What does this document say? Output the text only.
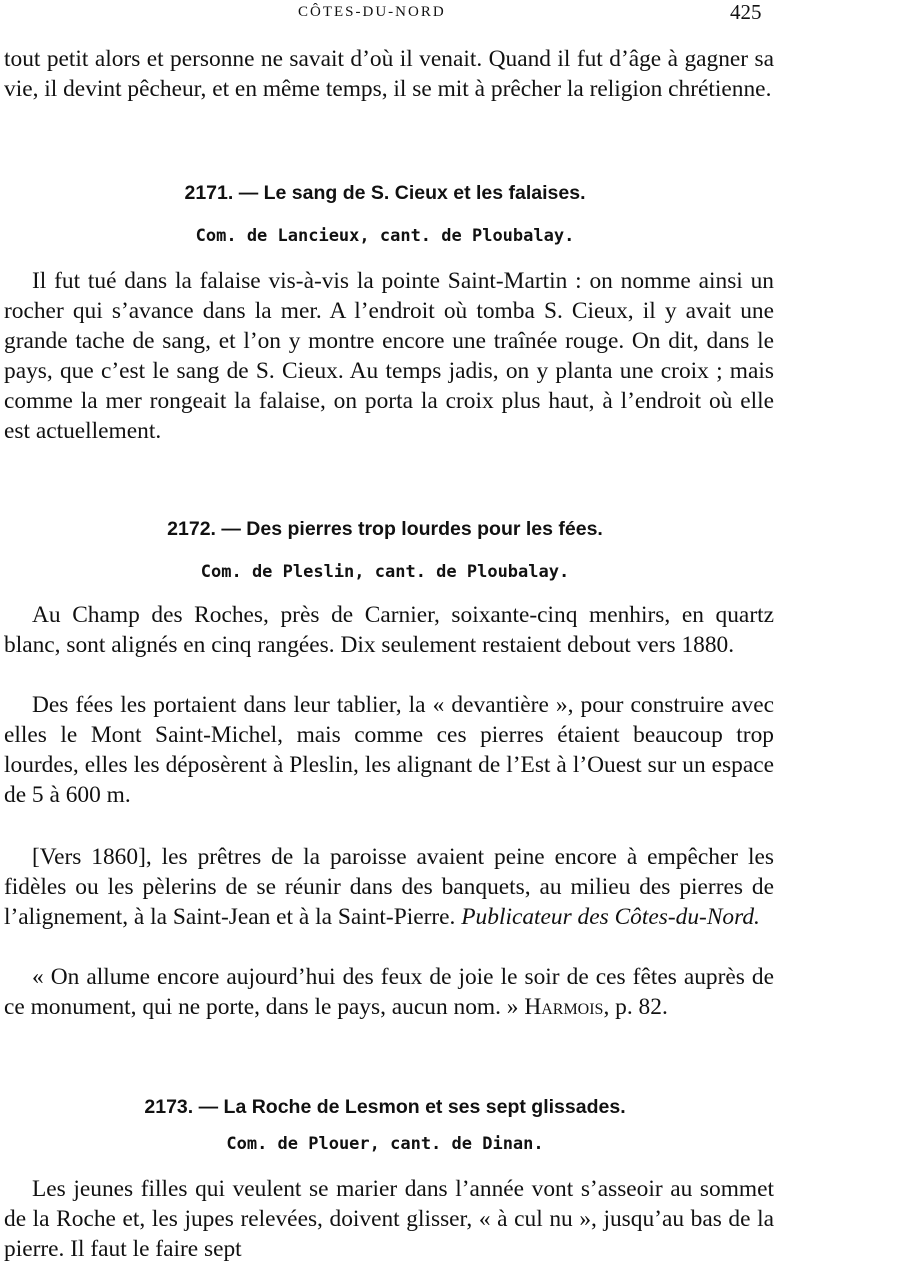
CÔTES-DU-NORD	425

tout petit alors et personne ne savait d’où il venait. Quand il fut d’âge à gagner sa vie, il devint pêcheur, et en même temps, il se mit à prêcher la religion chrétienne.

2171. — Le sang de S. Cieux et les falaises.
Com. de Lancieux, cant. de Ploubalay.

Il fut tué dans la falaise vis-à-vis la pointe Saint-Martin : on nomme ainsi un rocher qui s’avance dans la mer. A l’endroit où tomba S. Cieux, il y avait une grande tache de sang, et l’on y montre encore une traînée rouge. On dit, dans le pays, que c’est le sang de S. Cieux. Au temps jadis, on y planta une croix ; mais comme la mer rongeait la falaise, on porta la croix plus haut, à l’endroit où elle est actuellement.

2172. — Des pierres trop lourdes pour les fées.
Com. de Pleslin, cant. de Ploubalay.

Au Champ des Roches, près de Carnier, soixante-cinq menhirs, en quartz blanc, sont alignés en cinq rangées. Dix seulement restaient debout vers 1880.

Des fées les portaient dans leur tablier, la « devantière », pour construire avec elles le Mont Saint-Michel, mais comme ces pierres étaient beaucoup trop lourdes, elles les déposèrent à Pleslin, les alignant de l’Est à l’Ouest sur un espace de 5 à 600 m.

[Vers 1860], les prêtres de la paroisse avaient peine encore à empêcher les fidèles ou les pèlerins de se réunir dans des banquets, au milieu des pierres de l’alignement, à la Saint-Jean et à la Saint-Pierre. Publicateur des Côtes-du-Nord.

« On allume encore aujourd’hui des feux de joie le soir de ces fêtes auprès de ce monument, qui ne porte, dans le pays, aucun nom. » Harmois, p. 82.

2173. — La Roche de Lesmon et ses sept glissades.
Com. de Plouer, cant. de Dinan.

Les jeunes filles qui veulent se marier dans l’année vont s’asseoir au sommet de la Roche et, les jupes relevées, doivent glisser, « à cul nu », jusqu’au bas de la pierre. Il faut le faire sept
